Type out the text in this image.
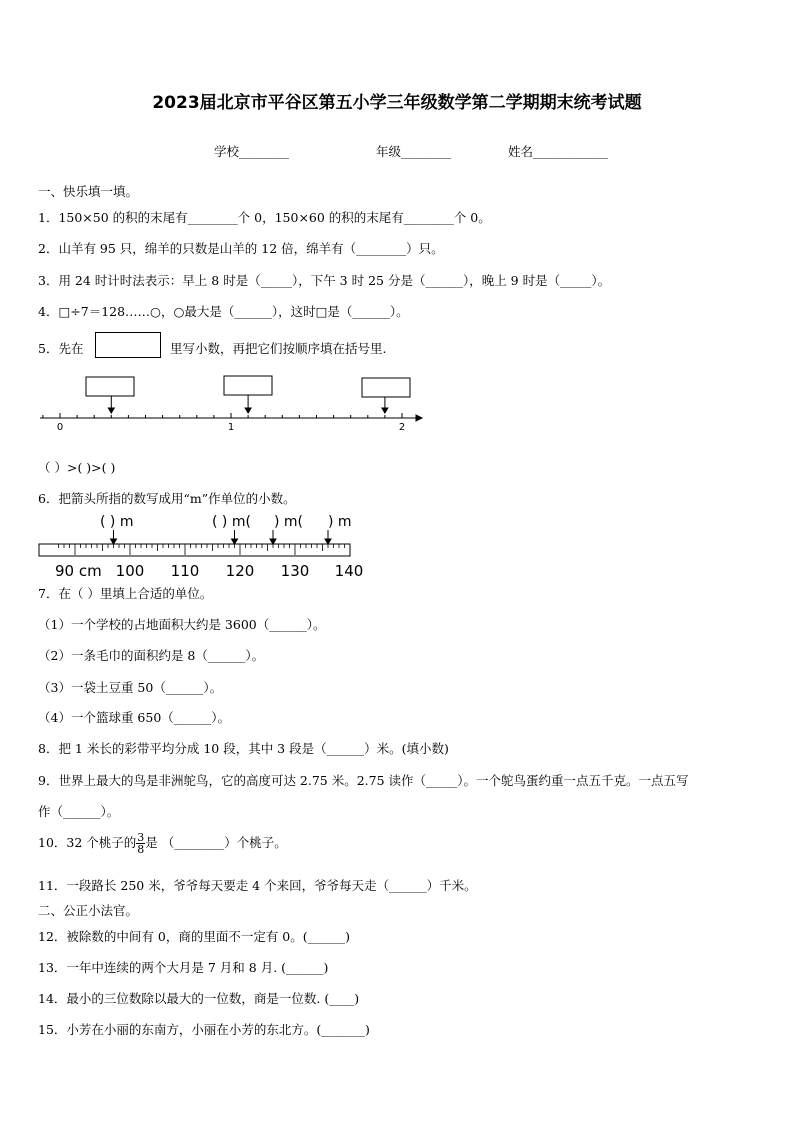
2023届北京市平谷区第五小学三年级数学第二学期期末统考试题
学校________	年级________	姓名____________
一、快乐填一填。
1．150×50 的积的末尾有________个 0，150×60 的积的末尾有________个 0。
2．山羊有 95 只，绵羊的只数是山羊的 12 倍，绵羊有（________）只。
3．用 24 时计时法表示：早上 8 时是（_____），下午 3 时 25 分是（______），晚上 9 时是（_____）。
4．□÷7＝128……○，○最大是（______），这时□是（______）。
5．先在	里写小数，再把它们按顺序填在括号里.
0	1	2
（ ）>( )>( )
6．把箭头所指的数写成用“m”作单位的小数。
( ) m	( ) m( ) m( ) m
90 cm 100 110 120 130 140
7．在（ ）里填上合适的单位。
（1）一个学校的占地面积大约是 3600（______）。
（2）一条毛巾的面积约是 8（______）。
（3）一袋土豆重 50（______）。
（4）一个篮球重 650（______）。
8．把 1 米长的彩带平均分成 10 段，其中 3 段是（______）米。(填小数)
9．世界上最大的鸟是非洲鸵鸟，它的高度可达 2.75 米。2.75 读作（_____）。一个鸵鸟蛋约重一点五千克。一点五写
作（______）。
10．32 个桃子的 $\frac{3}{8}$ 是 （________）个桃子。
11．一段路长 250 米，爷爷每天要走 4 个来回，爷爷每天走（______）千米。
二、公正小法官。
12．被除数的中间有 0，商的里面不一定有 0。(______)
13．一年中连续的两个大月是 7 月和 8 月. (______)
14．最小的三位数除以最大的一位数，商是一位数. (____)
15．小芳在小丽的东南方，小丽在小芳的东北方。(_______)
